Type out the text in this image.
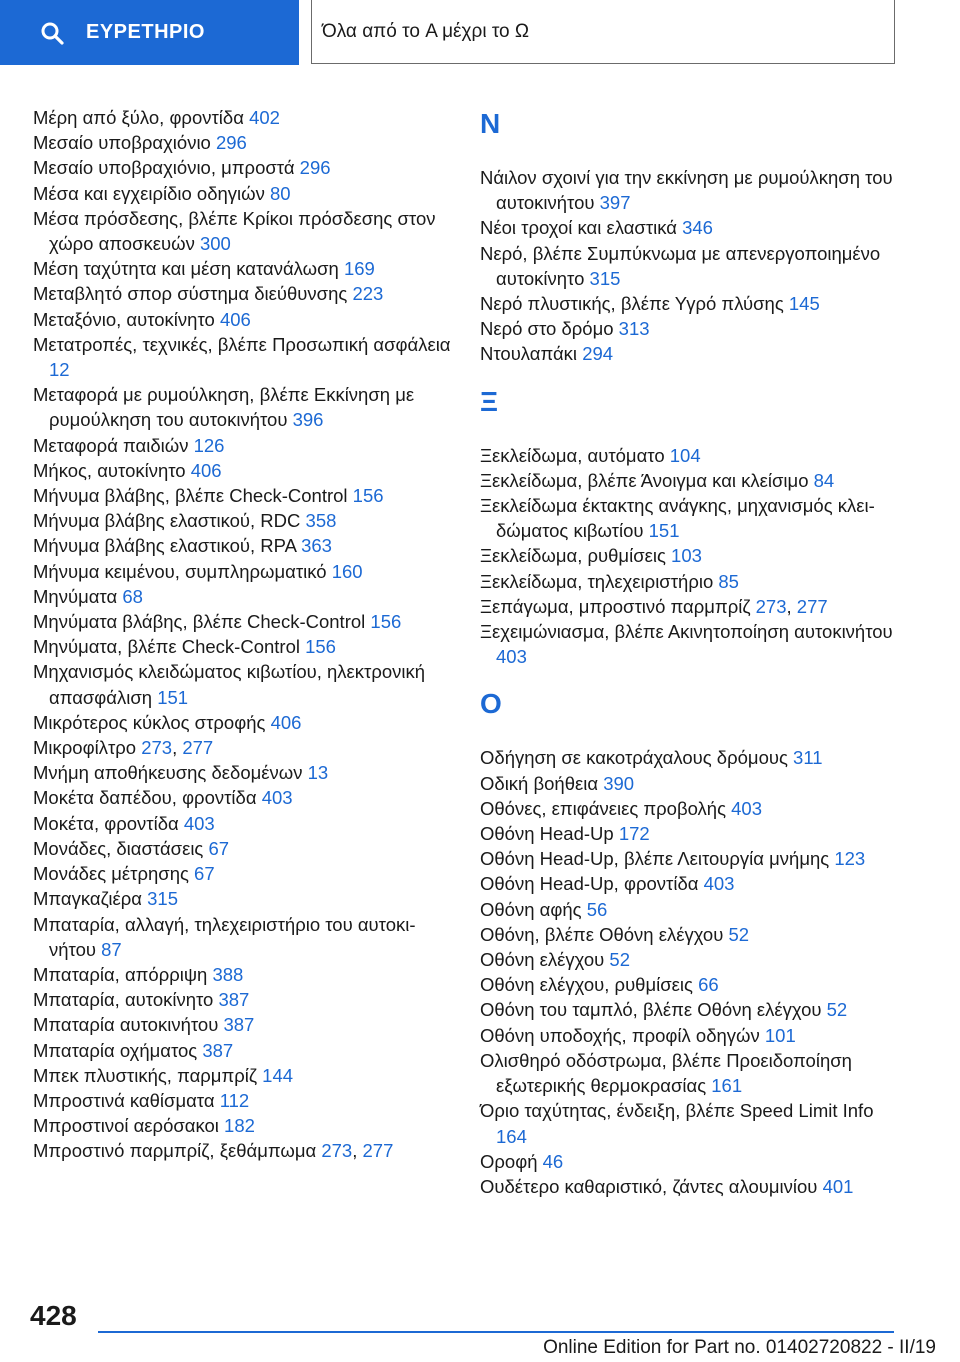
ΕΥΡΕΤΗΡΙΟ	Όλα από το A μέχρι το Ω
Μέρη από ξύλο, φροντίδα 402
Μεσαίο υποβραχιόνιο 296
Μεσαίο υποβραχιόνιο, μπροστά 296
Μέσα και εγχειρίδιο οδηγιών 80
Μέσα πρόσδεσης, βλέπε Κρίκοι πρόσδεσης στον χώρο αποσκευών 300
Μέση ταχύτητα και μέση κατανάλωση 169
Μεταβλητό σπορ σύστημα διεύθυνσης 223
Μεταξόνιο, αυτοκίνητο 406
Μετατροπές, τεχνικές, βλέπε Προσωπική ασφάλεια 12
Μεταφορά με ρυμούλκηση, βλέπε Εκκίνηση με ρυμούλκηση του αυτοκινήτου 396
Μεταφορά παιδιών 126
Μήκος, αυτοκίνητο 406
Μήνυμα βλάβης, βλέπε Check-Control 156
Μήνυμα βλάβης ελαστικού, RDC 358
Μήνυμα βλάβης ελαστικού, RPA 363
Μήνυμα κειμένου, συμπληρωματικό 160
Μηνύματα 68
Μηνύματα βλάβης, βλέπε Check-Control 156
Μηνύματα, βλέπε Check-Control 156
Μηχανισμός κλειδώματος κιβωτίου, ηλεκτρονική απασφάλιση 151
Μικρότερος κύκλος στροφής 406
Μικροφίλτρο 273, 277
Μνήμη αποθήκευσης δεδομένων 13
Μοκέτα δαπέδου, φροντίδα 403
Μοκέτα, φροντίδα 403
Μονάδες, διαστάσεις 67
Μονάδες μέτρησης 67
Μπαγκαζιέρα 315
Μπαταρία, αλλαγή, τηλεχειριστήριο του αυτοκινήτου 87
Μπαταρία, απόρριψη 388
Μπαταρία, αυτοκίνητο 387
Μπαταρία αυτοκινήτου 387
Μπαταρία οχήματος 387
Μπεκ πλυστικής, παρμπρίζ 144
Μπροστινά καθίσματα 112
Μπροστινοί αερόσακοι 182
Μπροστινό παρμπρίζ, ξεθάμπωμα 273, 277
N
Νάιλον σχοινί για την εκκίνηση με ρυμούλκηση του αυτοκινήτου 397
Νέοι τροχοί και ελαστικά 346
Νερό, βλέπε Συμπύκνωμα με απενεργοποιημένο αυτοκίνητο 315
Νερό πλυστικής, βλέπε Υγρό πλύσης 145
Νερό στο δρόμο 313
Ντουλαπάκι 294
Ξ
Ξεκλείδωμα, αυτόματο 104
Ξεκλείδωμα, βλέπε Άνοιγμα και κλείσιμο 84
Ξεκλείδωμα έκτακτης ανάγκης, μηχανισμός κλειδώματος κιβωτίου 151
Ξεκλείδωμα, ρυθμίσεις 103
Ξεκλείδωμα, τηλεχειριστήριο 85
Ξεπάγωμα, μπροστινό παρμπρίζ 273, 277
Ξεχειμώνιασμα, βλέπε Ακινητοποίηση αυτοκινήτου 403
O
Οδήγηση σε κακοτράχαλους δρόμους 311
Οδική βοήθεια 390
Οθόνες, επιφάνειες προβολής 403
Οθόνη Head-Up 172
Οθόνη Head-Up, βλέπε Λειτουργία μνήμης 123
Οθόνη Head-Up, φροντίδα 403
Οθόνη αφής 56
Οθόνη, βλέπε Οθόνη ελέγχου 52
Οθόνη ελέγχου 52
Οθόνη ελέγχου, ρυθμίσεις 66
Οθόνη του ταμπλό, βλέπε Οθόνη ελέγχου 52
Οθόνη υποδοχής, προφίλ οδηγών 101
Ολισθηρό οδόστρωμα, βλέπε Προειδοποίηση εξωτερικής θερμοκρασίας 161
Όριο ταχύτητας, ένδειξη, βλέπε Speed Limit Info 164
Οροφή 46
Ουδέτερο καθαριστικό, ζάντες αλουμινίου 401
428
Online Edition for Part no. 01402720822 - II/19
